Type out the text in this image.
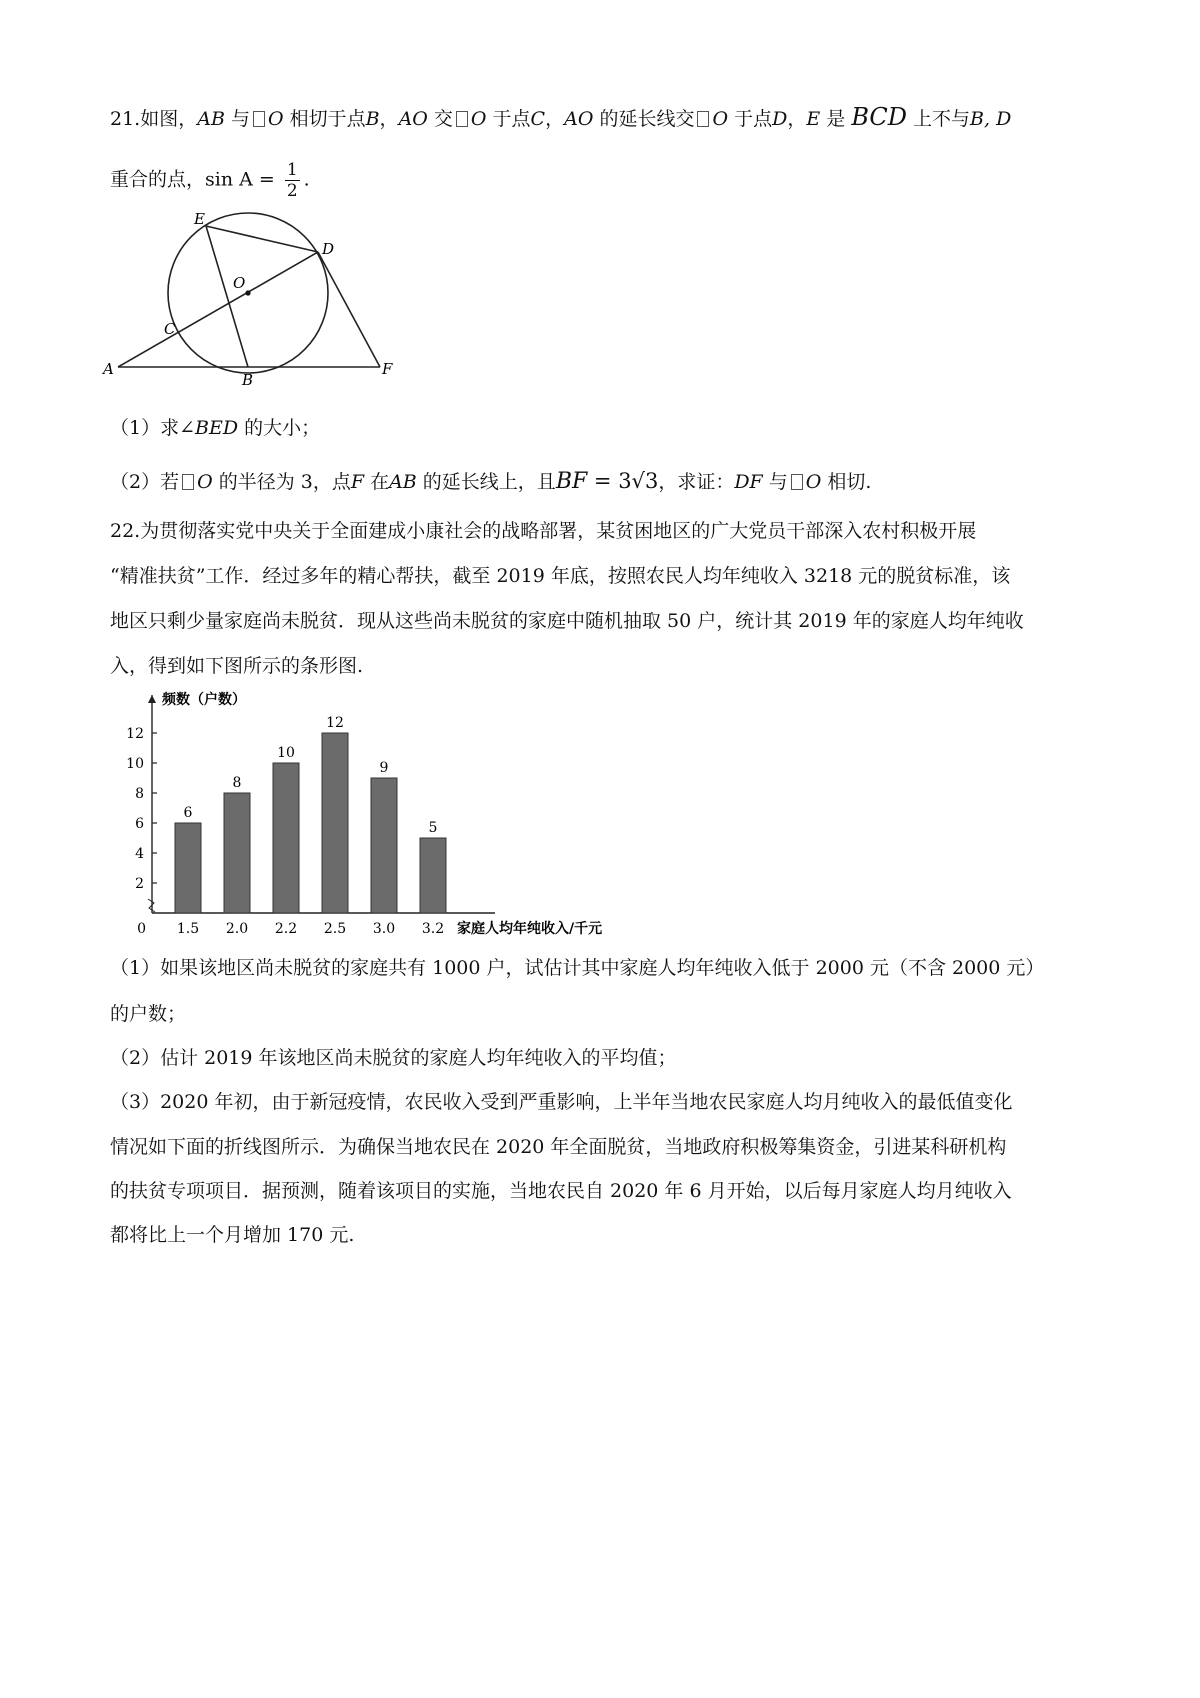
21.如图，AB 与 O 相切于点B，AO 交 O 于点C，AO 的延长线交 O 于点D，E 是 BCD 上不与B, D
重合的点，$\sin A = \frac{1}{2}$ .
E
D
O
C
A
B
F
（1）求∠BED 的大小；
（2）若 O 的半径为 3，点F 在AB 的延长线上，且BF = 3√3，求证：DF 与 O 相切.
22.为贯彻落实党中央关于全面建成小康社会的战略部署，某贫困地区的广大党员干部深入农村积极开展
“精准扶贫”工作．经过多年的精心帮扶，截至 2019 年底，按照农民人均年纯收入 3218 元的脱贫标准，该
地区只剩少量家庭尚未脱贫．现从这些尚未脱贫的家庭中随机抽取 50 户，统计其 2019 年的家庭人均年纯收
入，得到如下图所示的条形图.
2
4
6
8
10
12
0
6
1.5
8
2.0
10
2.2
12
2.5
9
3.0
5
3.2
频数（户数）
家庭人均年纯收入/千元
（1）如果该地区尚未脱贫的家庭共有 1000 户，试估计其中家庭人均年纯收入低于 2000 元（不含 2000 元）
的户数；
（2）估计 2019 年该地区尚未脱贫的家庭人均年纯收入的平均值；
（3）2020 年初，由于新冠疫情，农民收入受到严重影响，上半年当地农民家庭人均月纯收入的最低值变化
情况如下面的折线图所示．为确保当地农民在 2020 年全面脱贫，当地政府积极筹集资金，引进某科研机构
的扶贫专项项目．据预测，随着该项目的实施，当地农民自 2020 年 6 月开始，以后每月家庭人均月纯收入
都将比上一个月增加 170 元.
